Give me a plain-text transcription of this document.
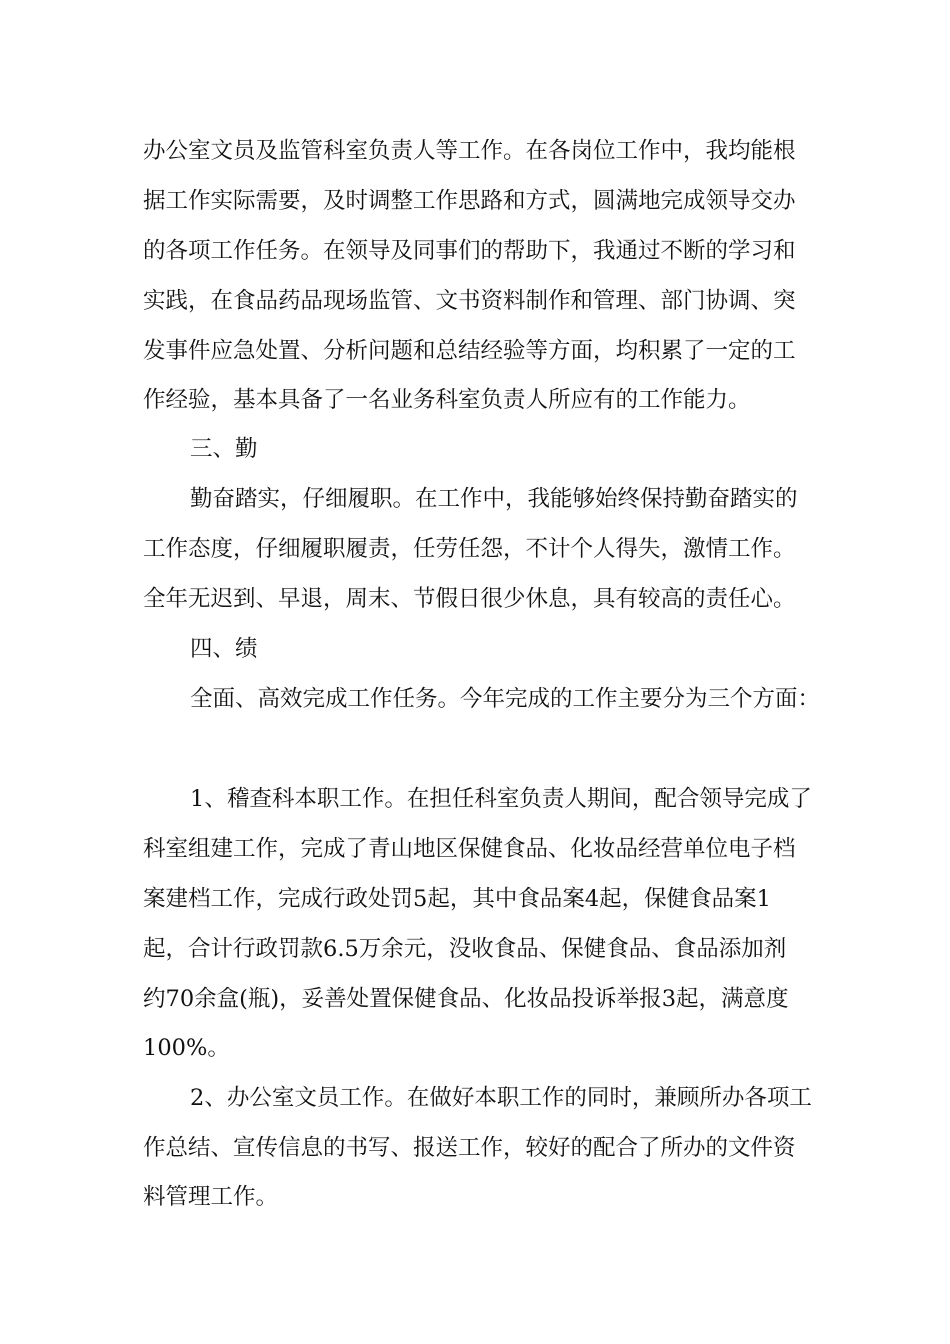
办公室文员及监管科室负责人等工作。在各岗位工作中，我均能根
据工作实际需要，及时调整工作思路和方式，圆满地完成领导交办
的各项工作任务。在领导及同事们的帮助下，我通过不断的学习和
实践，在食品药品现场监管、文书资料制作和管理、部门协调、突
发事件应急处置、分析问题和总结经验等方面，均积累了一定的工
作经验，基本具备了一名业务科室负责人所应有的工作能力。
三、勤
勤奋踏实，仔细履职。在工作中，我能够始终保持勤奋踏实的
工作态度，仔细履职履责，任劳任怨，不计个人得失，激情工作。
全年无迟到、早退，周末、节假日很少休息，具有较高的责任心。
四、绩
全面、高效完成工作任务。今年完成的工作主要分为三个方面：
1、稽查科本职工作。在担任科室负责人期间，配合领导完成了
科室组建工作，完成了青山地区保健食品、化妆品经营单位电子档
案建档工作，完成行政处罚5起，其中食品案4起，保健食品案1
起，合计行政罚款6.5万余元，没收食品、保健食品、食品添加剂
约70余盒(瓶)，妥善处置保健食品、化妆品投诉举报3起，满意度
100%。
2、办公室文员工作。在做好本职工作的同时，兼顾所办各项工
作总结、宣传信息的书写、报送工作，较好的配合了所办的文件资
料管理工作。
